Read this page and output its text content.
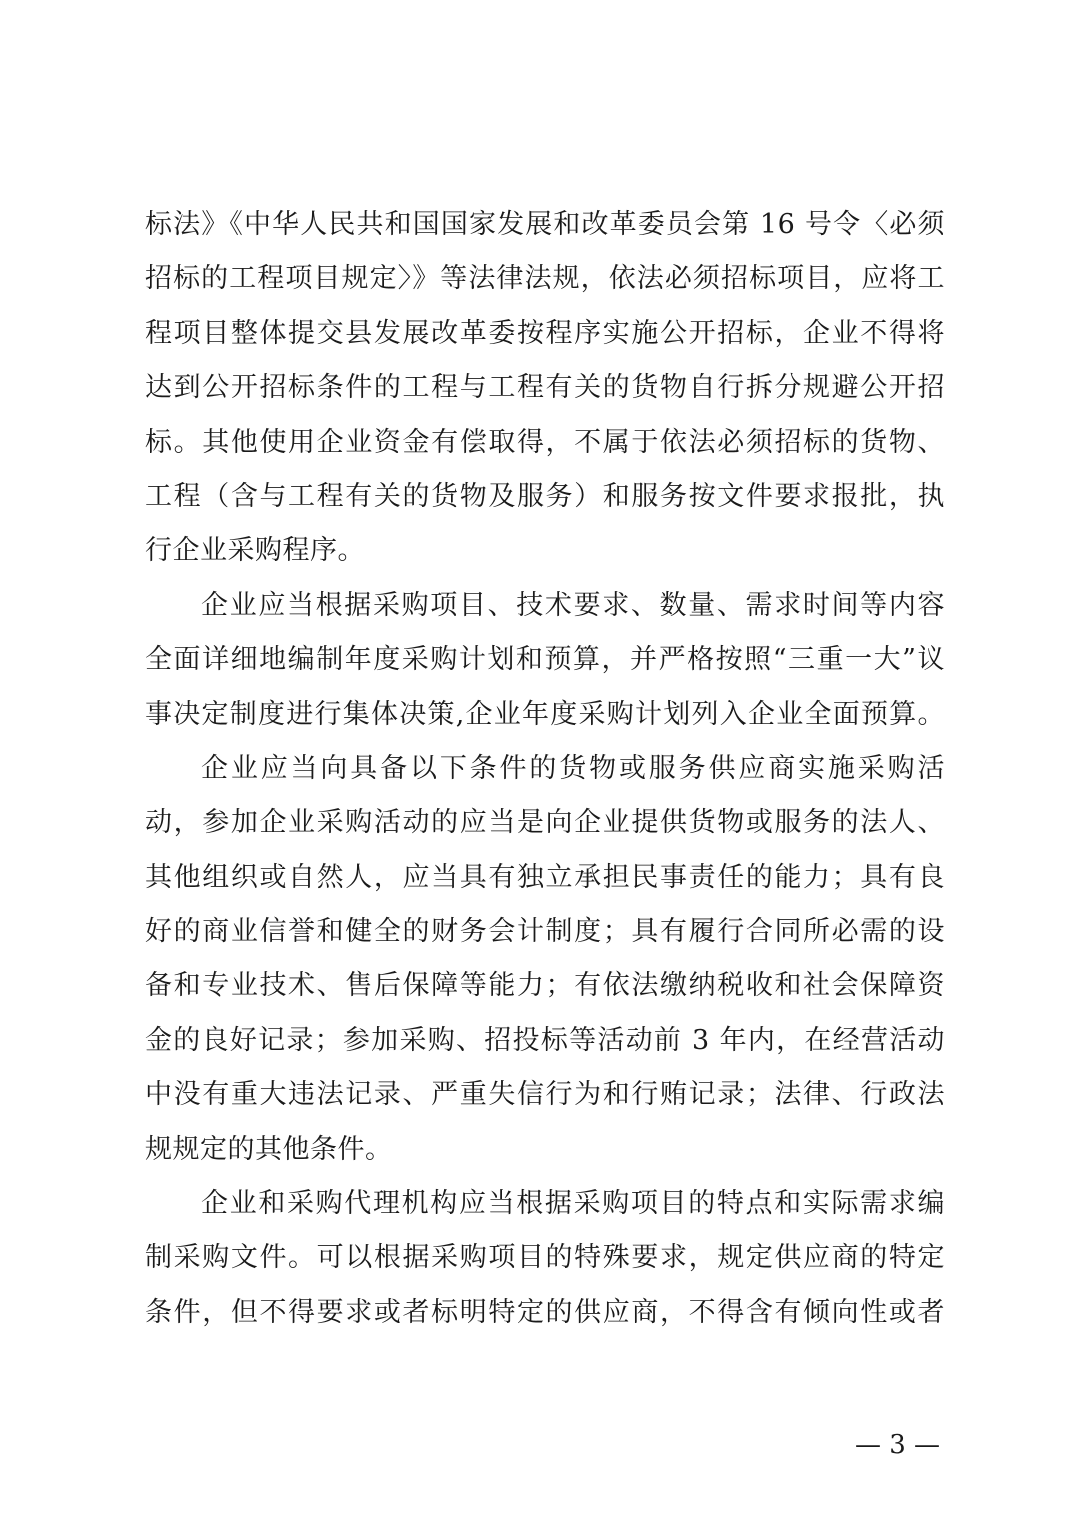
标法》《中华人民共和国国家发展和改革委员会第 16 号令〈必须
招标的工程项目规定〉》等法律法规，依法必须招标项目，应将工
程项目整体提交县发展改革委按程序实施公开招标，企业不得将
达到公开招标条件的工程与工程有关的货物自行拆分规避公开招
标。其他使用企业资金有偿取得，不属于依法必须招标的货物、
工程（含与工程有关的货物及服务）和服务按文件要求报批，执
行企业采购程序。
企业应当根据采购项目、技术要求、数量、需求时间等内容
全面详细地编制年度采购计划和预算，并严格按照“三重一大”议
事决定制度进行集体决策,企业年度采购计划列入企业全面预算。
企业应当向具备以下条件的货物或服务供应商实施采购活
动，参加企业采购活动的应当是向企业提供货物或服务的法人、
其他组织或自然人，应当具有独立承担民事责任的能力；具有良
好的商业信誉和健全的财务会计制度；具有履行合同所必需的设
备和专业技术、售后保障等能力；有依法缴纳税收和社会保障资
金的良好记录；参加采购、招投标等活动前 3 年内，在经营活动
中没有重大违法记录、严重失信行为和行贿记录；法律、行政法
规规定的其他条件。
企业和采购代理机构应当根据采购项目的特点和实际需求编
制采购文件。可以根据采购项目的特殊要求，规定供应商的特定
条件，但不得要求或者标明特定的供应商，不得含有倾向性或者
— 3 —
